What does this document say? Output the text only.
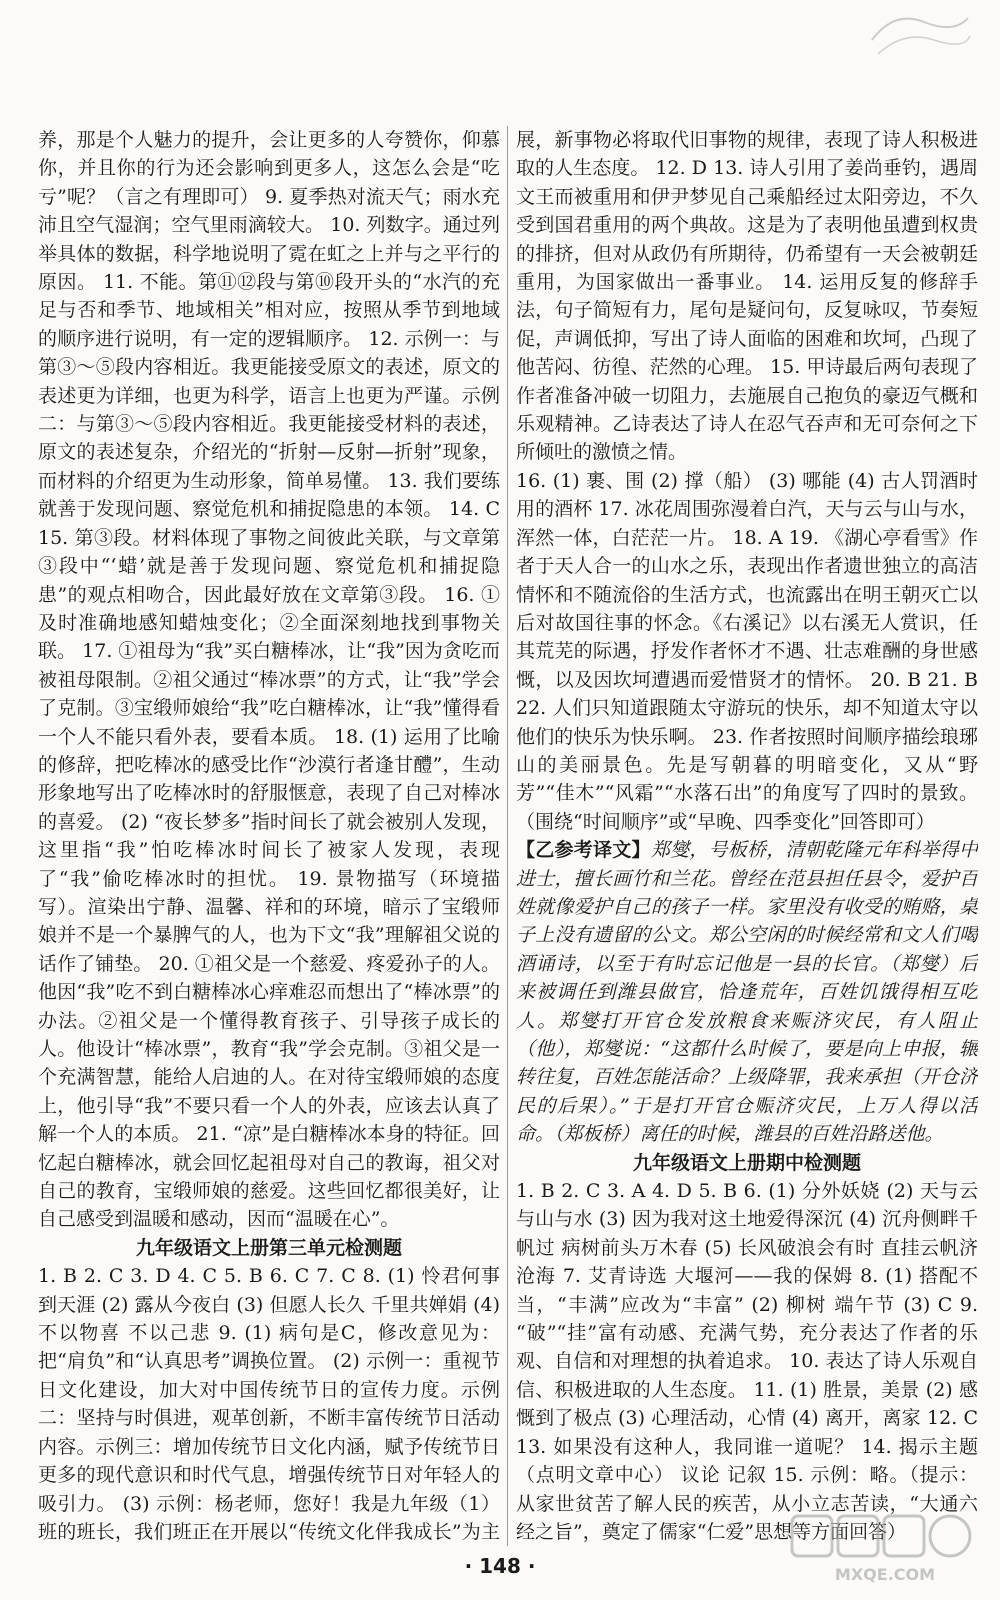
养，那是个人魅力的提升，会让更多的人夸赞你，仰慕你，并且你的行为还会影响到更多人，这怎么会是“吃亏”呢？（言之有理即可） 9. 夏季热对流天气；雨水充沛且空气湿润；空气里雨滴较大。 10. 列数字。通过列举具体的数据，科学地说明了霓在虹之上并与之平行的原因。 11. 不能。第⑪⑫段与第⑩段开头的“水汽的充足与否和季节、地域相关”相对应，按照从季节到地域的顺序进行说明，有一定的逻辑顺序。 12. 示例一：与第③～⑤段内容相近。我更能接受原文的表述，原文的表述更为详细，也更为科学，语言上也更为严谨。示例二：与第③～⑤段内容相近。我更能接受材料的表述，原文的表述复杂，介绍光的“折射—反射—折射”现象，而材料的介绍更为生动形象，简单易懂。 13. 我们要练就善于发现问题、察觉危机和捕捉隐患的本领。 14. C 15. 第③段。材料体现了事物之间彼此关联，与文章第③段中“‘蜡’就是善于发现问题、察觉危机和捕捉隐患”的观点相吻合，因此最好放在文章第③段。 16. ①及时准确地感知蜡烛变化；②全面深刻地找到事物关联。 17. ①祖母为“我”买白糖棒冰，让“我”因为贪吃而被祖母限制。②祖父通过“棒冰票”的方式，让“我”学会了克制。③宝缎师娘给“我”吃白糖棒冰，让“我”懂得看一个人不能只看外表，要看本质。 18. (1) 运用了比喻的修辞，把吃棒冰的感受比作“沙漠行者逢甘醴”，生动形象地写出了吃棒冰时的舒服惬意，表现了自己对棒冰的喜爱。 (2) “夜长梦多”指时间长了就会被别人发现，这里指“我”怕吃棒冰时间长了被家人发现，表现了“我”偷吃棒冰时的担忧。 19. 景物描写（环境描写）。渲染出宁静、温馨、祥和的环境，暗示了宝缎师娘并不是一个暴脾气的人，也为下文“我”理解祖父说的话作了铺垫。 20. ①祖父是一个慈爱、疼爱孙子的人。他因“我”吃不到白糖棒冰心痒难忍而想出了“棒冰票”的办法。②祖父是一个懂得教育孩子、引导孩子成长的人。他设计“棒冰票”，教育“我”学会克制。③祖父是一个充满智慧，能给人启迪的人。在对待宝缎师娘的态度上，他引导“我”不要只看一个人的外表，应该去认真了解一个人的本质。 21. “凉”是白糖棒冰本身的特征。回忆起白糖棒冰，就会回忆起祖母对自己的教诲，祖父对自己的教育，宝缎师娘的慈爱。这些回忆都很美好，让自己感受到温暖和感动，因而“温暖在心”。

九年级语文上册第三单元检测题

1. B 2. C 3. D 4. C 5. B 6. C 7. C 8. (1) 怜君何事到天涯 (2) 露从今夜白 (3) 但愿人长久 千里共婵娟 (4) 不以物喜 不以己悲 9. (1) 病句是C，修改意见为：把“肩负”和“认真思考”调换位置。 (2) 示例一：重视节日文化建设，加大对中国传统节日的宣传力度。示例二：坚持与时俱进，观革创新，不断丰富传统节日活动内容。示例三：增加传统节日文化内涵，赋予传统节日更多的现代意识和时代气息，增强传统节日对年轻人的吸引力。 (3) 示例：杨老师，您好！我是九年级（1）班的班长，我们班正在开展以“传统文化伴我成长”为主

展，新事物必将取代旧事物的规律，表现了诗人积极进取的人生态度。 12. D 13. 诗人引用了姜尚垂钓，遇周文王而被重用和伊尹梦见自己乘船经过太阳旁边，不久受到国君重用的两个典故。这是为了表明他虽遭到权贵的排挤，但对从政仍有所期待，仍希望有一天会被朝廷重用，为国家做出一番事业。 14. 运用反复的修辞手法，句子简短有力，尾句是疑问句，反复咏叹，节奏短促，声调低抑，写出了诗人面临的困难和坎坷，凸现了他苦闷、彷徨、茫然的心理。 15. 甲诗最后两句表现了作者准备冲破一切阻力，去施展自己抱负的豪迈气概和乐观精神。乙诗表达了诗人在忍气吞声和无可奈何之下所倾吐的激愤之情。

16. (1) 裹、围 (2) 撑（船） (3) 哪能 (4) 古人罚酒时用的酒杯 17. 冰花周围弥漫着白汽，天与云与山与水，浑然一体，白茫茫一片。 18. A 19. 《湖心亭看雪》作者于天人合一的山水之乐，表现出作者遗世独立的高洁情怀和不随流俗的生活方式，也流露出在明王朝灭亡以后对故国往事的怀念。《右溪记》以右溪无人赏识，任其荒芜的际遇，抒发作者怀才不遇、壮志难酬的身世感慨，以及因坎坷遭遇而爱惜贤才的情怀。 20. B 21. B 22. 人们只知道跟随太守游玩的快乐，却不知道太守以他们的快乐为快乐啊。 23. 作者按照时间顺序描绘琅琊山的美丽景色。先是写朝暮的明暗变化，又从“野芳”“佳木”“风霜”“水落石出”的角度写了四时的景致。（围绕“时间顺序”或“早晚、四季变化”回答即可）

【乙参考译文】郑燮，号板桥，清朝乾隆元年科举得中进士，擅长画竹和兰花。曾经在范县担任县令，爱护百姓就像爱护自己的孩子一样。家里没有收受的贿赂，桌子上没有遗留的公文。郑公空闲的时候经常和文人们喝酒诵诗，以至于有时忘记他是一县的长官。（郑燮）后来被调任到潍县做官，恰逢荒年，百姓饥饿得相互吃人。郑燮打开官仓发放粮食来赈济灾民，有人阻止（他），郑燮说：“这都什么时候了，要是向上申报，辗转往复，百姓怎能活命？上级降罪，我来承担（开仓济民的后果）。”于是打开官仓赈济灾民，上万人得以活命。（郑板桥）离任的时候，潍县的百姓沿路送他。

九年级语文上册期中检测题

1. B 2. C 3. A 4. D 5. B 6. (1) 分外妖娆 (2) 天与云与山与水 (3) 因为我对这土地爱得深沉 (4) 沉舟侧畔千帆过 病树前头万木春 (5) 长风破浪会有时 直挂云帆济沧海 7. 艾青诗选 大堰河——我的保姆 8. (1) 搭配不当，“丰满”应改为“丰富” (2) 柳树 端午节 (3) C 9. “破”“挂”富有动感、充满气势，充分表达了作者的乐观、自信和对理想的执着追求。 10. 表达了诗人乐观自信、积极进取的人生态度。 11. (1) 胜景，美景 (2) 感慨到了极点 (3) 心理活动，心情 (4) 离开，离家 12. C 13. 如果没有这种人，我同谁一道呢？ 14. 揭示主题（点明文章中心） 议论 记叙 15. 示例：略。（提示：从家世贫苦了解人民的疾苦，从小立志苦读，“大通六经之旨”，奠定了儒家“仁爱”思想等方面回答）

· 148 ·	MXQE.COM
